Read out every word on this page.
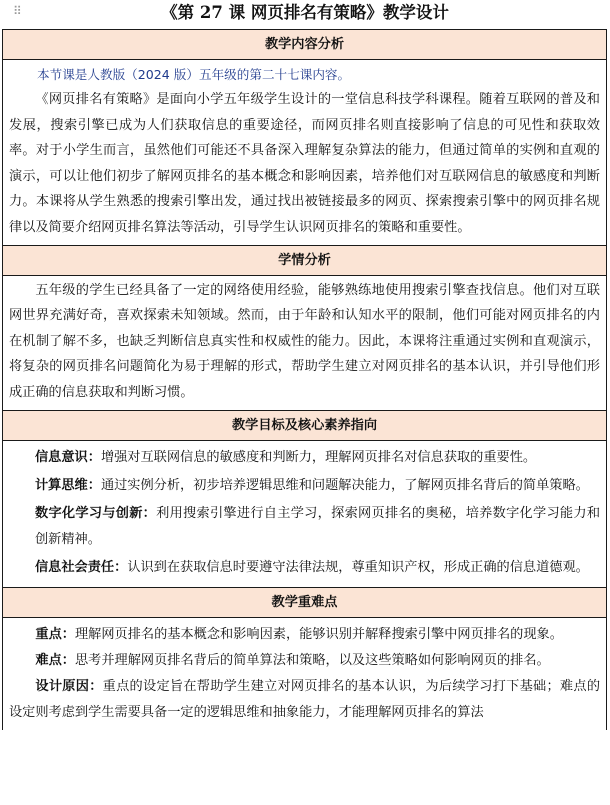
⠿	《第 27 课 网页排名有策略》教学设计
教学内容分析

本节课是人教版（2024 版）五年级的第二十七课内容。

《网页排名有策略》是面向小学五年级学生设计的一堂信息科技学科课程。随着互联网的普及和发展，搜索引擎已成为人们获取信息的重要途径，而网页排名则直接影响了信息的可见性和获取效率。对于小学生而言，虽然他们可能还不具备深入理解复杂算法的能力，但通过简单的实例和直观的演示，可以让他们初步了解网页排名的基本概念和影响因素，培养他们对互联网信息的敏感度和判断力。本课将从学生熟悉的搜索引擎出发，通过找出被链接最多的网页、探索搜索引擎中的网页排名规律以及简要介绍网页排名算法等活动，引导学生认识网页排名的策略和重要性。

学情分析

五年级的学生已经具备了一定的网络使用经验，能够熟练地使用搜索引擎查找信息。他们对互联网世界充满好奇，喜欢探索未知领域。然而，由于年龄和认知水平的限制，他们可能对网页排名的内在机制了解不多，也缺乏判断信息真实性和权威性的能力。因此，本课将注重通过实例和直观演示，将复杂的网页排名问题简化为易于理解的形式，帮助学生建立对网页排名的基本认识，并引导他们形成正确的信息获取和判断习惯。

教学目标及核心素养指向

信息意识：增强对互联网信息的敏感度和判断力，理解网页排名对信息获取的重要性。

计算思维：通过实例分析，初步培养逻辑思维和问题解决能力，了解网页排名背后的简单策略。

数字化学习与创新：利用搜索引擎进行自主学习，探索网页排名的奥秘，培养数字化学习能力和创新精神。

信息社会责任：认识到在获取信息时要遵守法律法规，尊重知识产权，形成正确的信息道德观。

教学重难点

重点：理解网页排名的基本概念和影响因素，能够识别并解释搜索引擎中网页排名的现象。

难点：思考并理解网页排名背后的简单算法和策略，以及这些策略如何影响网页的排名。

设计原因：重点的设定旨在帮助学生建立对网页排名的基本认识，为后续学习打下基础；难点的设定则考虑到学生需要具备一定的逻辑思维和抽象能力，才能理解网页排名的算法
